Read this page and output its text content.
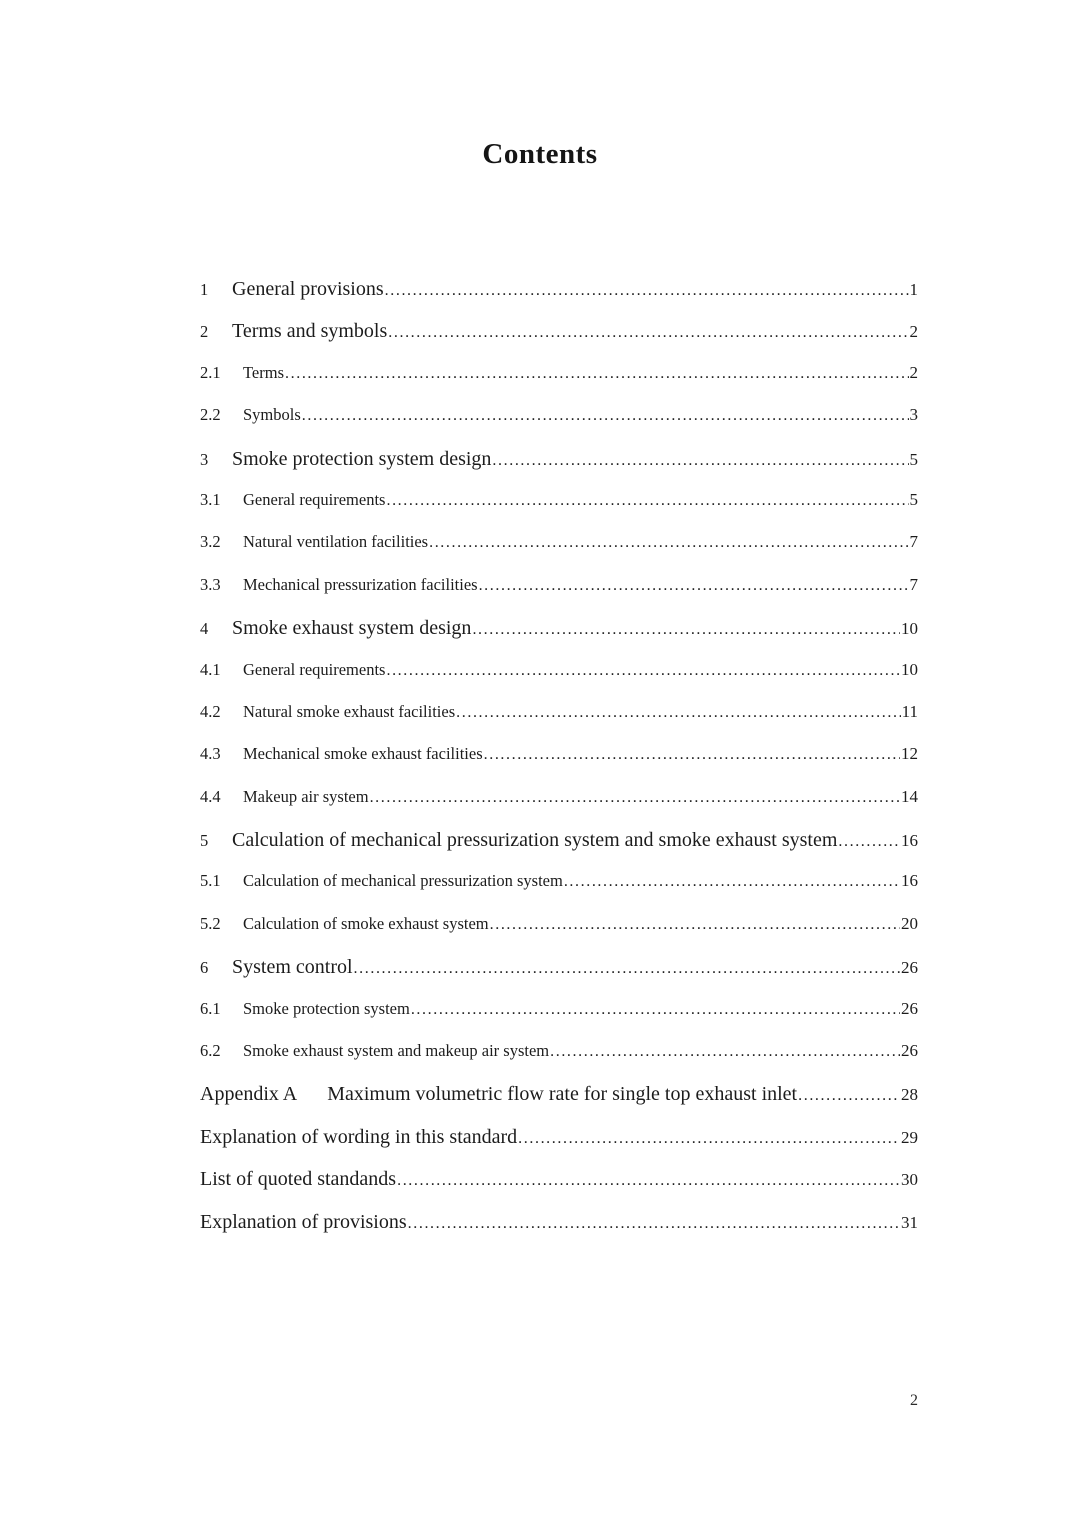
Contents
1	General provisions .....	1
2	Terms and symbols .....	2
2.1	Terms .....	2
2.2	Symbols .....	3
3	Smoke protection system design .....	5
3.1	General requirements .....	5
3.2	Natural ventilation facilities .....	7
3.3	Mechanical pressurization facilities .....	7
4	Smoke exhaust system design .....	10
4.1	General requirements .....	10
4.2	Natural smoke exhaust facilities .....	11
4.3	Mechanical smoke exhaust facilities .....	12
4.4	Makeup air system .....	14
5	Calculation of mechanical pressurization system and smoke exhaust system .....	16
5.1	Calculation of mechanical pressurization system .....	16
5.2	Calculation of smoke exhaust system .....	20
6	System control .....	26
6.1	Smoke protection system .....	26
6.2	Smoke exhaust system and makeup air system .....	26
Appendix A Maximum volumetric flow rate for single top exhaust inlet .....	28
Explanation of wording in this standard .....	29
List of quoted standands .....	30
Explanation of provisions .....	31
2
